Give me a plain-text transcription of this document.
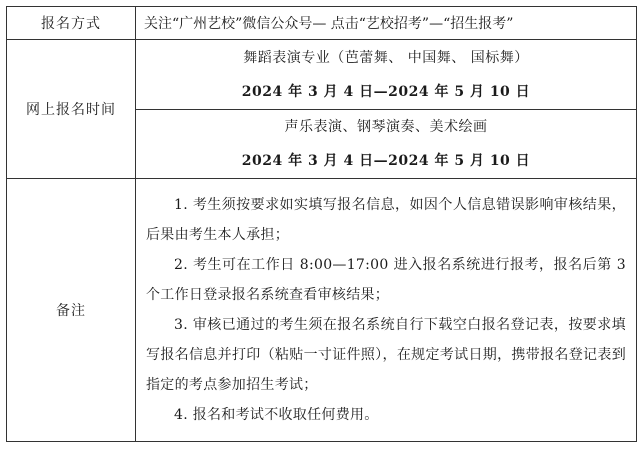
报名方式	关注“广州艺校”微信公众号— 点击“艺校招考”—“招生报考”
网上报名时间	舞蹈表演专业（芭蕾舞、 中国舞、 国标舞）
2024 年 3 月 4 日—2024 年 5 月 10 日
声乐表演、钢琴演奏、美术绘画
2024 年 3 月 4 日—2024 年 5 月 10 日

备注	1. 考生须按要求如实填写报名信息，如因个人信息错误影响审核结果，后果由考生本人承担；

2. 考生可在工作日 8:00—17:00 进入报名系统进行报考，报名后第 3 个工作日登录报名系统查看审核结果；

3. 审核已通过的考生须在报名系统自行下载空白报名登记表，按要求填写报名信息并打印（粘贴一寸证件照），在规定考试日期，携带报名登记表到指定的考点参加招生考试；

4. 报名和考试不收取任何费用。
